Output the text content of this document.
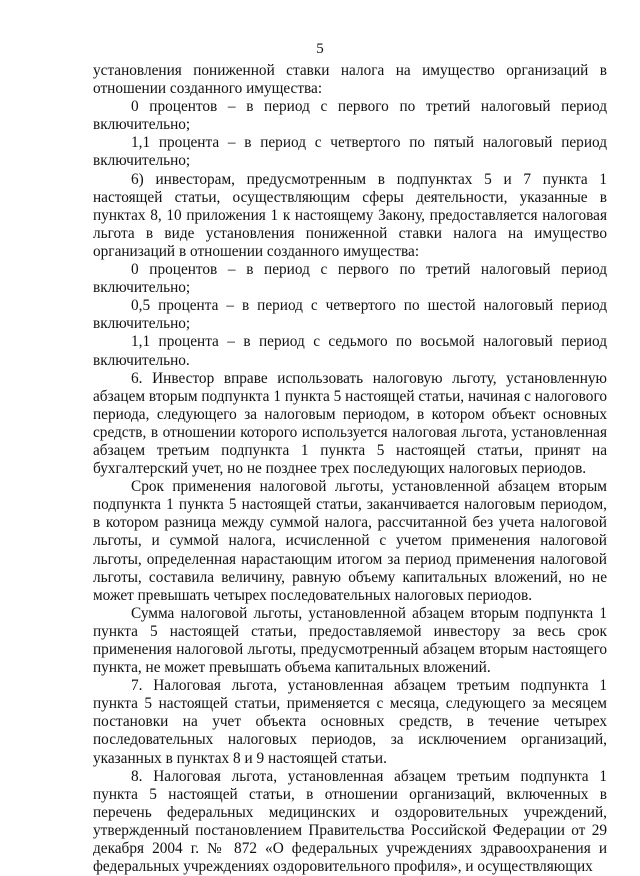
5

установления пониженной ставки налога на имущество организаций в отношении созданного имущества:

0 процентов – в период с первого по третий налоговый период включительно;

1,1 процента – в период с четвертого по пятый налоговый период включительно;

6) инвесторам, предусмотренным в подпунктах 5 и 7 пункта 1 настоящей статьи, осуществляющим сферы деятельности, указанные в пунктах 8, 10 приложения 1 к настоящему Закону, предоставляется налоговая льгота в виде установления пониженной ставки налога на имущество организаций в отношении созданного имущества:

0 процентов – в период с первого по третий налоговый период включительно;

0,5 процента – в период с четвертого по шестой налоговый период включительно;

1,1 процента – в период с седьмого по восьмой налоговый период включительно.

6. Инвестор вправе использовать налоговую льготу, установленную абзацем вторым подпункта 1 пункта 5 настоящей статьи, начиная с налогового периода, следующего за налоговым периодом, в котором объект основных средств, в отношении которого используется налоговая льгота, установленная абзацем третьим подпункта 1 пункта 5 настоящей статьи, принят на бухгалтерский учет, но не позднее трех последующих налоговых периодов.

Срок применения налоговой льготы, установленной абзацем вторым подпункта 1 пункта 5 настоящей статьи, заканчивается налоговым периодом, в котором разница между суммой налога, рассчитанной без учета налоговой льготы, и суммой налога, исчисленной с учетом применения налоговой льготы, определенная нарастающим итогом за период применения налоговой льготы, составила величину, равную объему капитальных вложений, но не может превышать четырех последовательных налоговых периодов.

Сумма налоговой льготы, установленной абзацем вторым подпункта 1 пункта 5 настоящей статьи, предоставляемой инвестору за весь срок применения налоговой льготы, предусмотренный абзацем вторым настоящего пункта, не может превышать объема капитальных вложений.

7. Налоговая льгота, установленная абзацем третьим подпункта 1 пункта 5 настоящей статьи, применяется с месяца, следующего за месяцем постановки на учет объекта основных средств, в течение четырех последовательных налоговых периодов, за исключением организаций, указанных в пунктах 8 и 9 настоящей статьи.

8. Налоговая льгота, установленная абзацем третьим подпункта 1 пункта 5 настоящей статьи, в отношении организаций, включенных в перечень федеральных медицинских и оздоровительных учреждений, утвержденный постановлением Правительства Российской Федерации от 29 декабря 2004 г. № 872 «О федеральных учреждениях здравоохранения и федеральных учреждениях оздоровительного профиля», и осуществляющих
